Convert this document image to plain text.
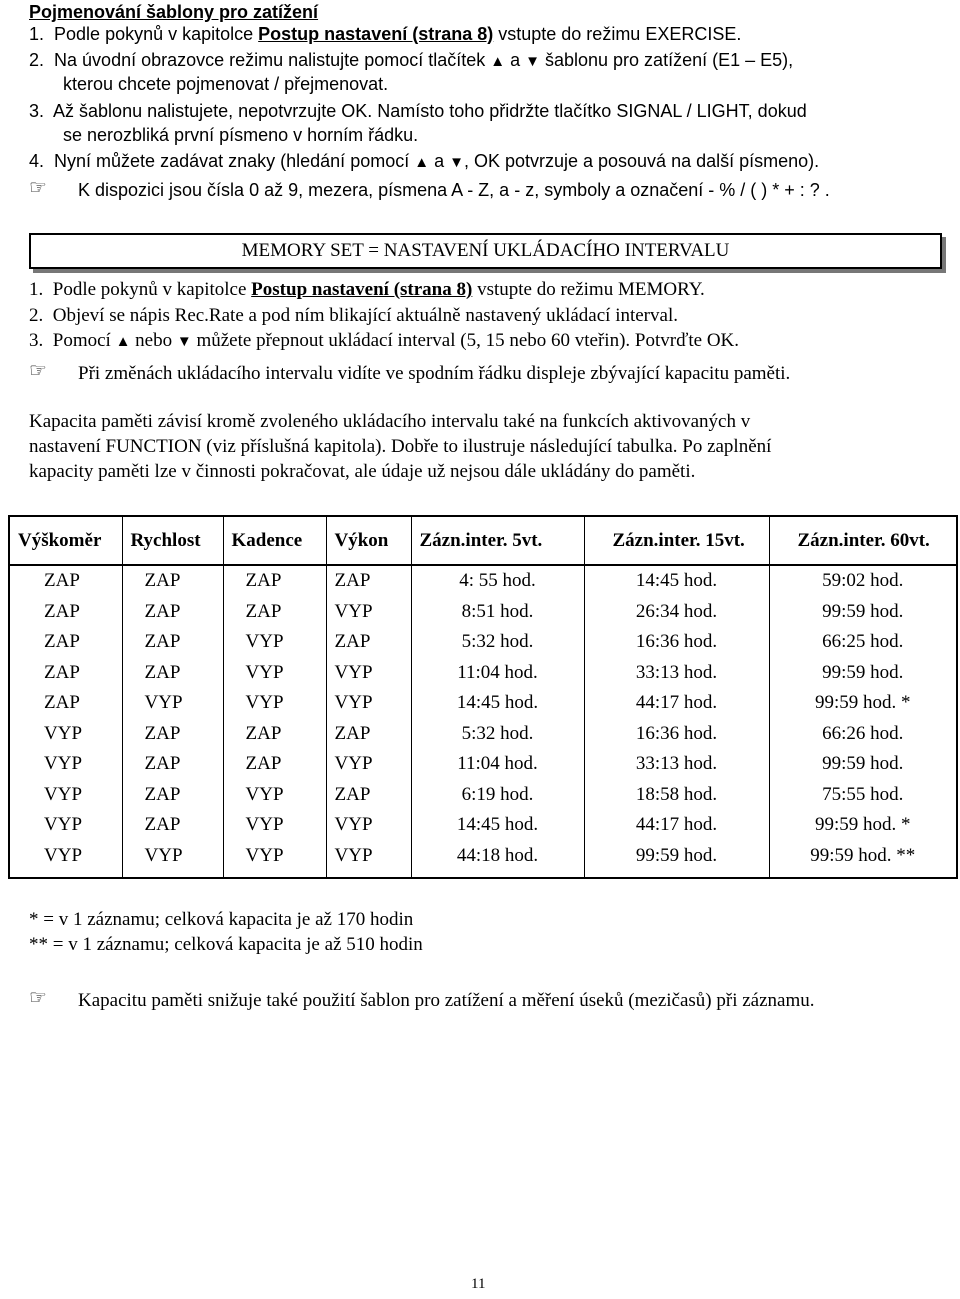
Pojmenování šablony pro zatížení
1. Podle pokynů v kapitolce Postup nastavení (strana 8) vstupte do režimu EXERCISE.
2. Na úvodní obrazovce režimu nalistujte pomocí tlačítek ▲ a ▼ šablonu pro zatížení (E1 – E5),
kterou chcete pojmenovat / přejmenovat.
3. Až šablonu nalistujete, nepotvrzujte OK. Namísto toho přidržte tlačítko SIGNAL / LIGHT, dokud
se nerozbliká první písmeno v horním řádku.
4. Nyní můžete zadávat znaky (hledání pomocí ▲ a ▼, OK potvrzuje a posouvá na další písmeno).
☞ K dispozici jsou čísla 0 až 9, mezera, písmena A - Z, a - z, symboly a označení - % / ( ) * + : ? .
MEMORY SET = NASTAVENÍ UKLÁDACÍHO INTERVALU
1. Podle pokynů v kapitolce Postup nastavení (strana 8) vstupte do režimu MEMORY.
2. Objeví se nápis Rec.Rate a pod ním blikající aktuálně nastavený ukládací interval.
3. Pomocí ▲ nebo ▼ můžete přepnout ukládací interval (5, 15 nebo 60 vteřin). Potvrďte OK.
☞ Při změnách ukládacího intervalu vidíte ve spodním řádku displeje zbývající kapacitu paměti.
Kapacita paměti závisí kromě zvoleného ukládacího intervalu také na funkcích aktivovaných v
nastavení FUNCTION (viz příslušná kapitola). Dobře to ilustruje následující tabulka. Po zaplnění
kapacity paměti lze v činnosti pokračovat, ale údaje už nejsou dále ukládány do paměti.
Výškoměr	Rychlost	Kadence	Výkon	Zázn.inter. 5vt.	Zázn.inter. 15vt.	Zázn.inter. 60vt.
ZAP	ZAP	ZAP	ZAP	4: 55 hod.	14:45 hod.	59:02 hod.
ZAP	ZAP	ZAP	VYP	8:51 hod.	26:34 hod.	99:59 hod.
ZAP	ZAP	VYP	ZAP	5:32 hod.	16:36 hod.	66:25 hod.
ZAP	ZAP	VYP	VYP	11:04 hod.	33:13 hod.	99:59 hod.
ZAP	VYP	VYP	VYP	14:45 hod.	44:17 hod.	99:59 hod. *
VYP	ZAP	ZAP	ZAP	5:32 hod.	16:36 hod.	66:26 hod.
VYP	ZAP	ZAP	VYP	11:04 hod.	33:13 hod.	99:59 hod.
VYP	ZAP	VYP	ZAP	6:19 hod.	18:58 hod.	75:55 hod.
VYP	ZAP	VYP	VYP	14:45 hod.	44:17 hod.	99:59 hod. *
VYP	VYP	VYP	VYP	44:18 hod.	99:59 hod.	99:59 hod. **
* = v 1 záznamu; celková kapacita je až 170 hodin
** = v 1 záznamu; celková kapacita je až 510 hodin
☞ Kapacitu paměti snižuje také použití šablon pro zatížení a měření úseků (mezičasů) při záznamu.
11
